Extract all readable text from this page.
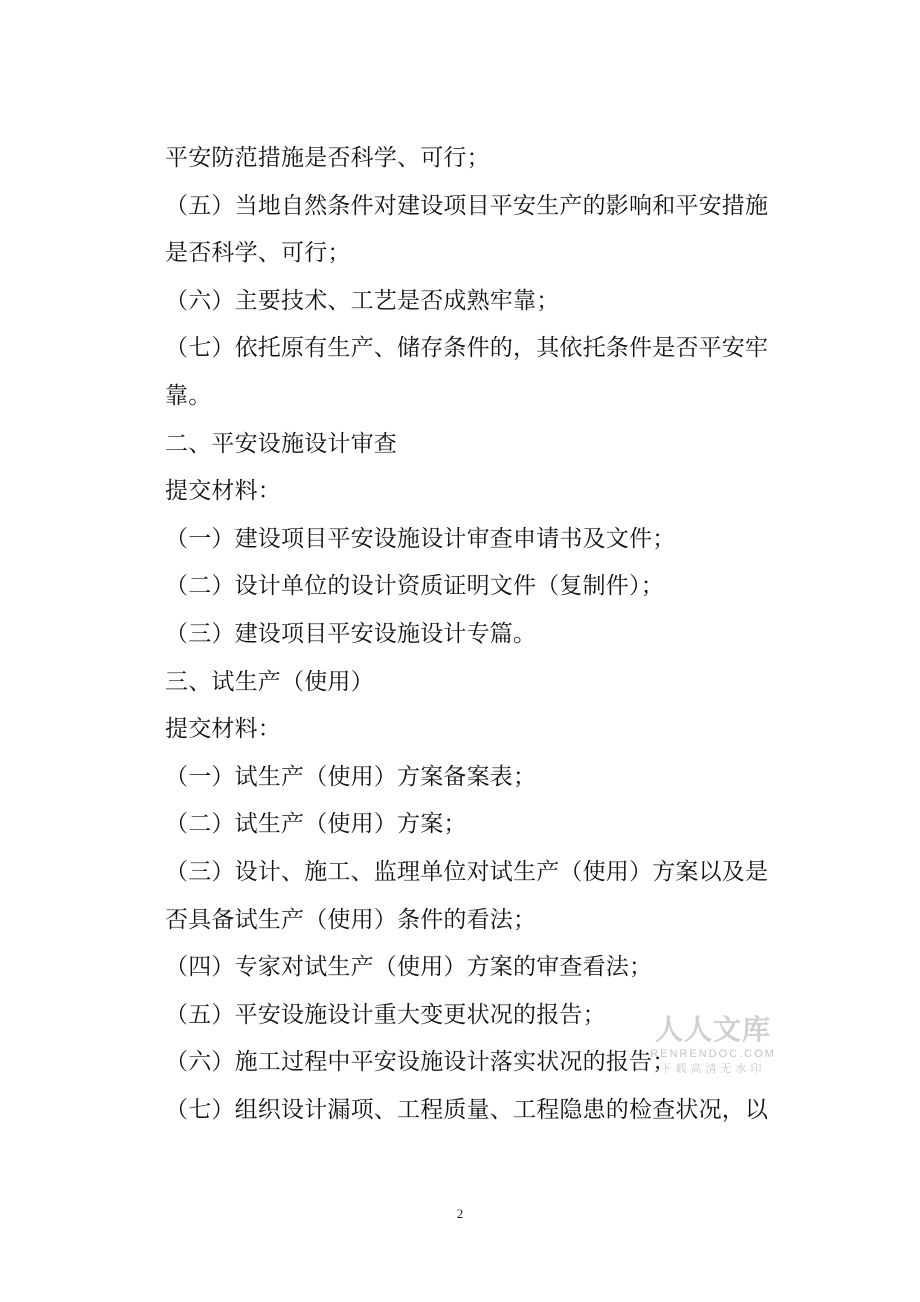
平安防范措施是否科学、可行；
（五）当地自然条件对建设项目平安生产的影响和平安措施
是否科学、可行；
（六）主要技术、工艺是否成熟牢靠；
（七）依托原有生产、储存条件的，其依托条件是否平安牢
靠。
二、平安设施设计审查
提交材料：
（一）建设项目平安设施设计审查申请书及文件；
（二）设计单位的设计资质证明文件（复制件）；
（三）建设项目平安设施设计专篇。
三、试生产（使用）
提交材料：
（一）试生产（使用）方案备案表；
（二）试生产（使用）方案；
（三）设计、施工、监理单位对试生产（使用）方案以及是
否具备试生产（使用）条件的看法；
（四）专家对试生产（使用）方案的审查看法；
（五）平安设施设计重大变更状况的报告；
（六）施工过程中平安设施设计落实状况的报告；
（七）组织设计漏项、工程质量、工程隐患的检查状况，以
人人文库
RENRENDOC.COM
下载高清无水印
2
